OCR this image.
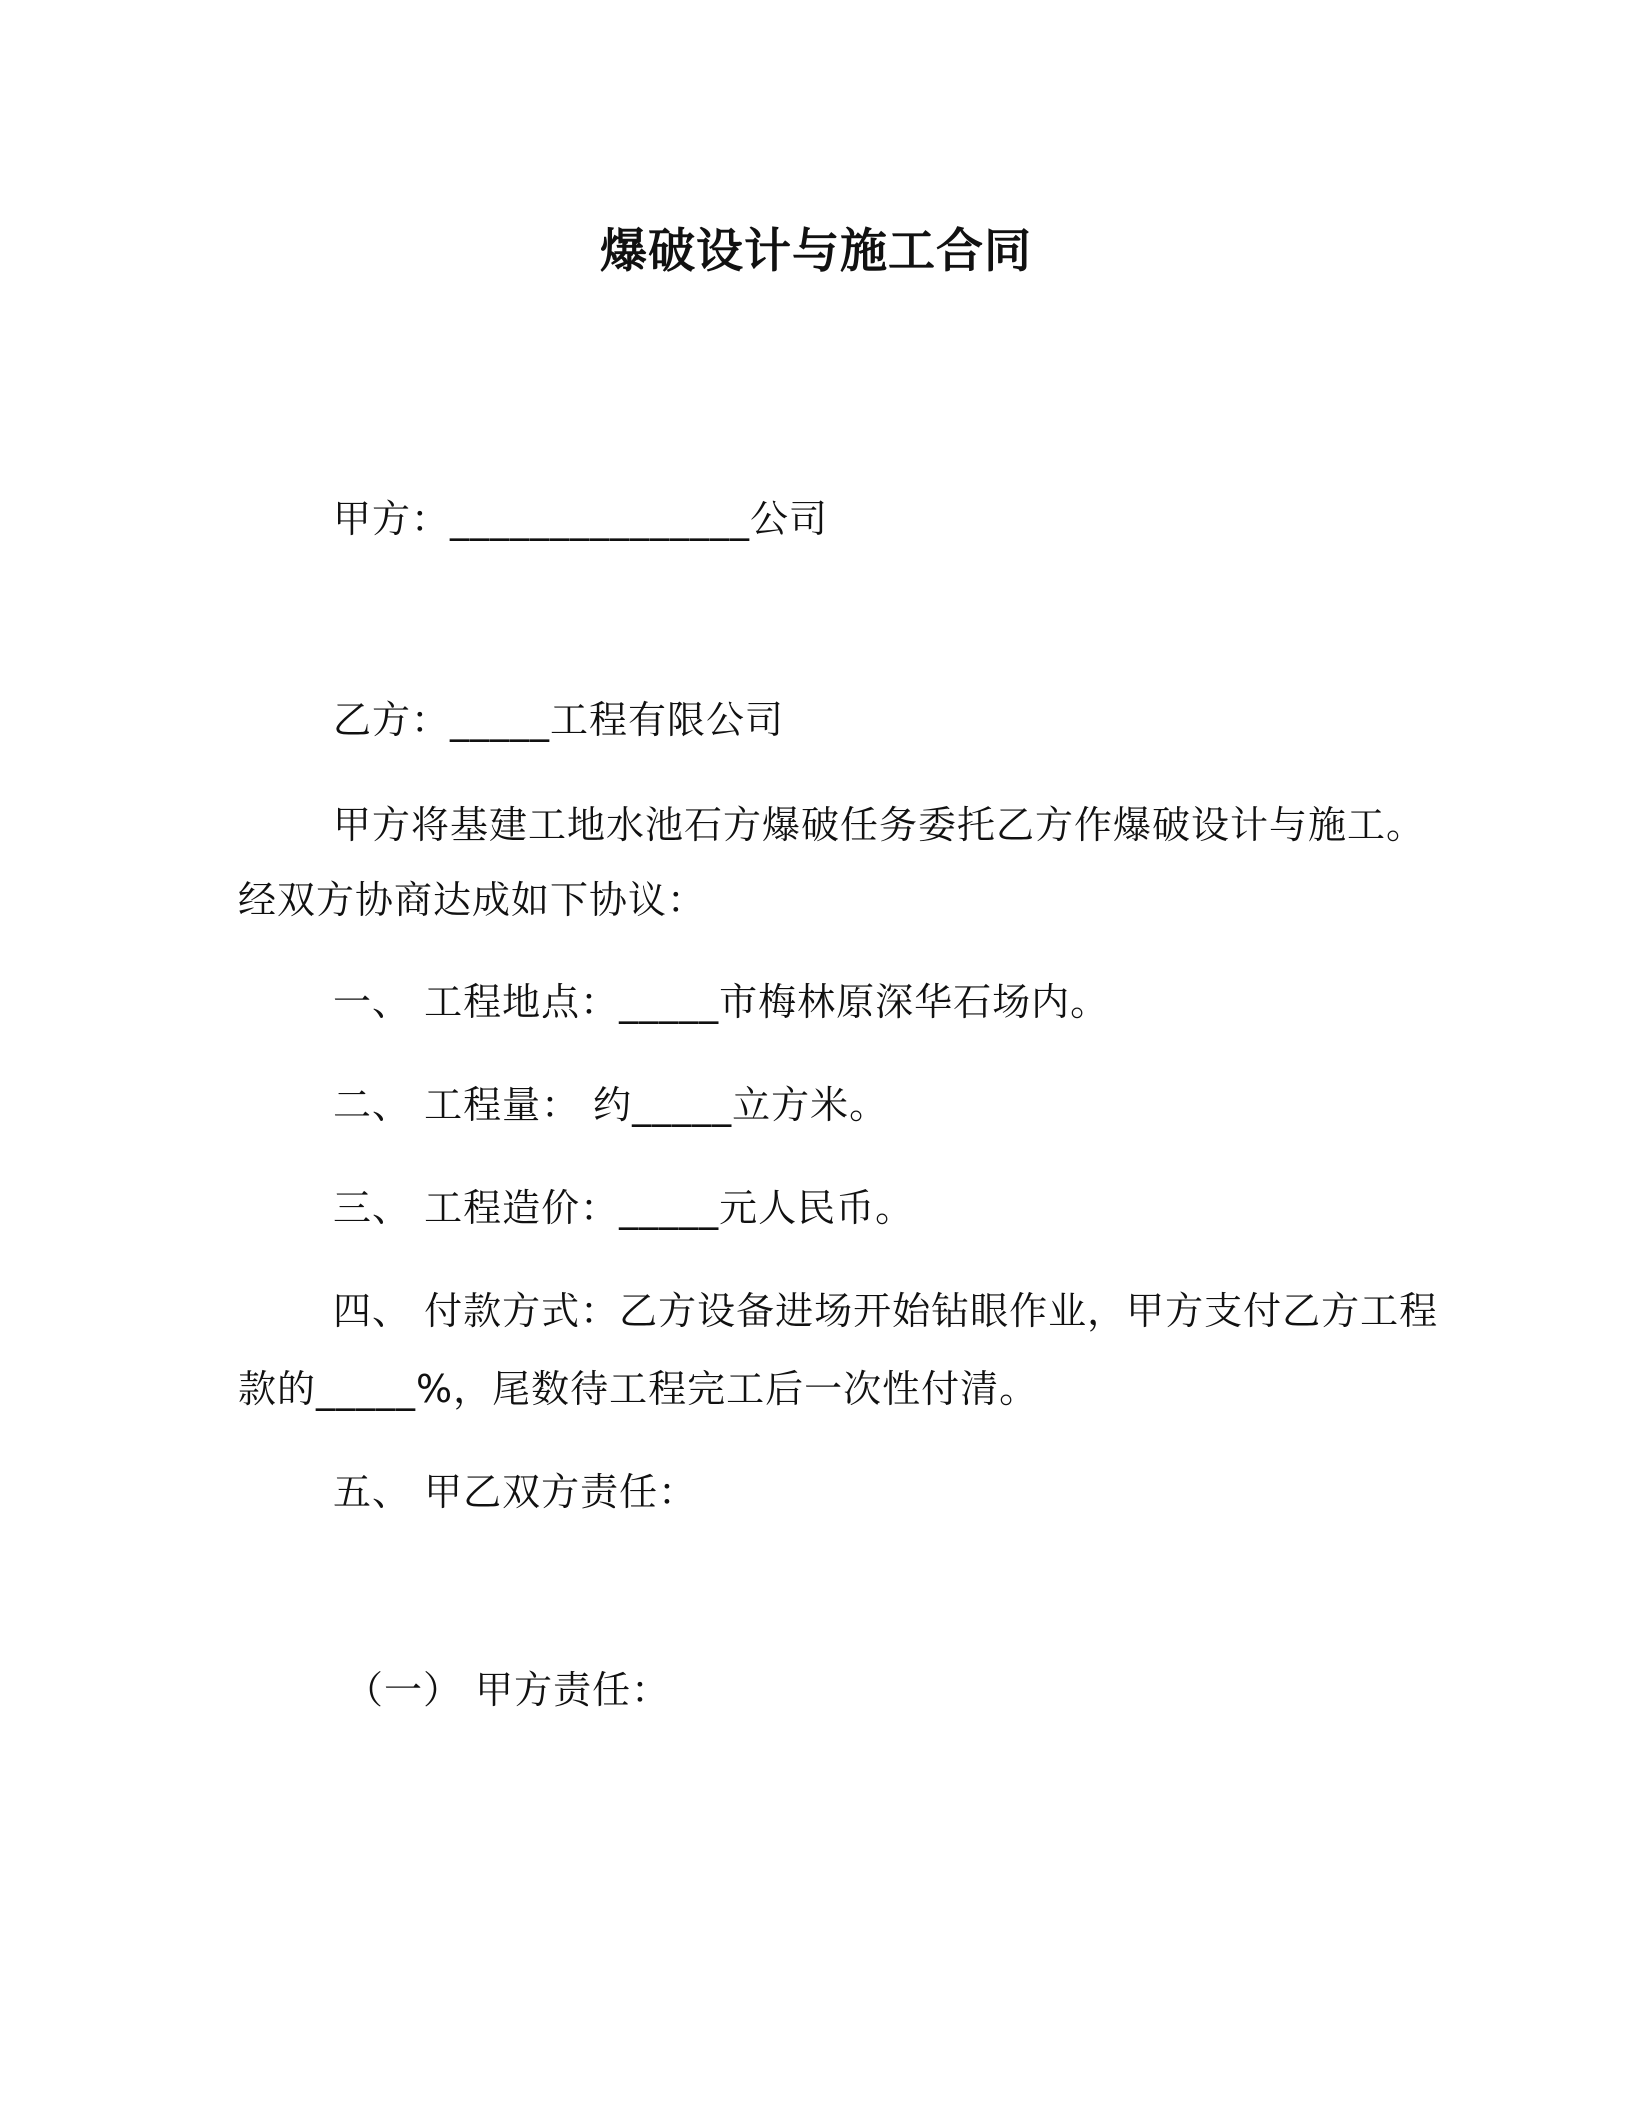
爆破设计与施工合同
甲方：_______________公司
乙方：_____工程有限公司
甲方将基建工地水池石方爆破任务委托乙方作爆破设计与施工。
经双方协商达成如下协议：
一、 工程地点：_____市梅林原深华石场内。
二、 工程量： 约_____立方米。
三、 工程造价：_____元人民币。
四、 付款方式：乙方设备进场开始钻眼作业，甲方支付乙方工程
款的_____%，尾数待工程完工后一次性付清。
五、 甲乙双方责任：
（一） 甲方责任：
